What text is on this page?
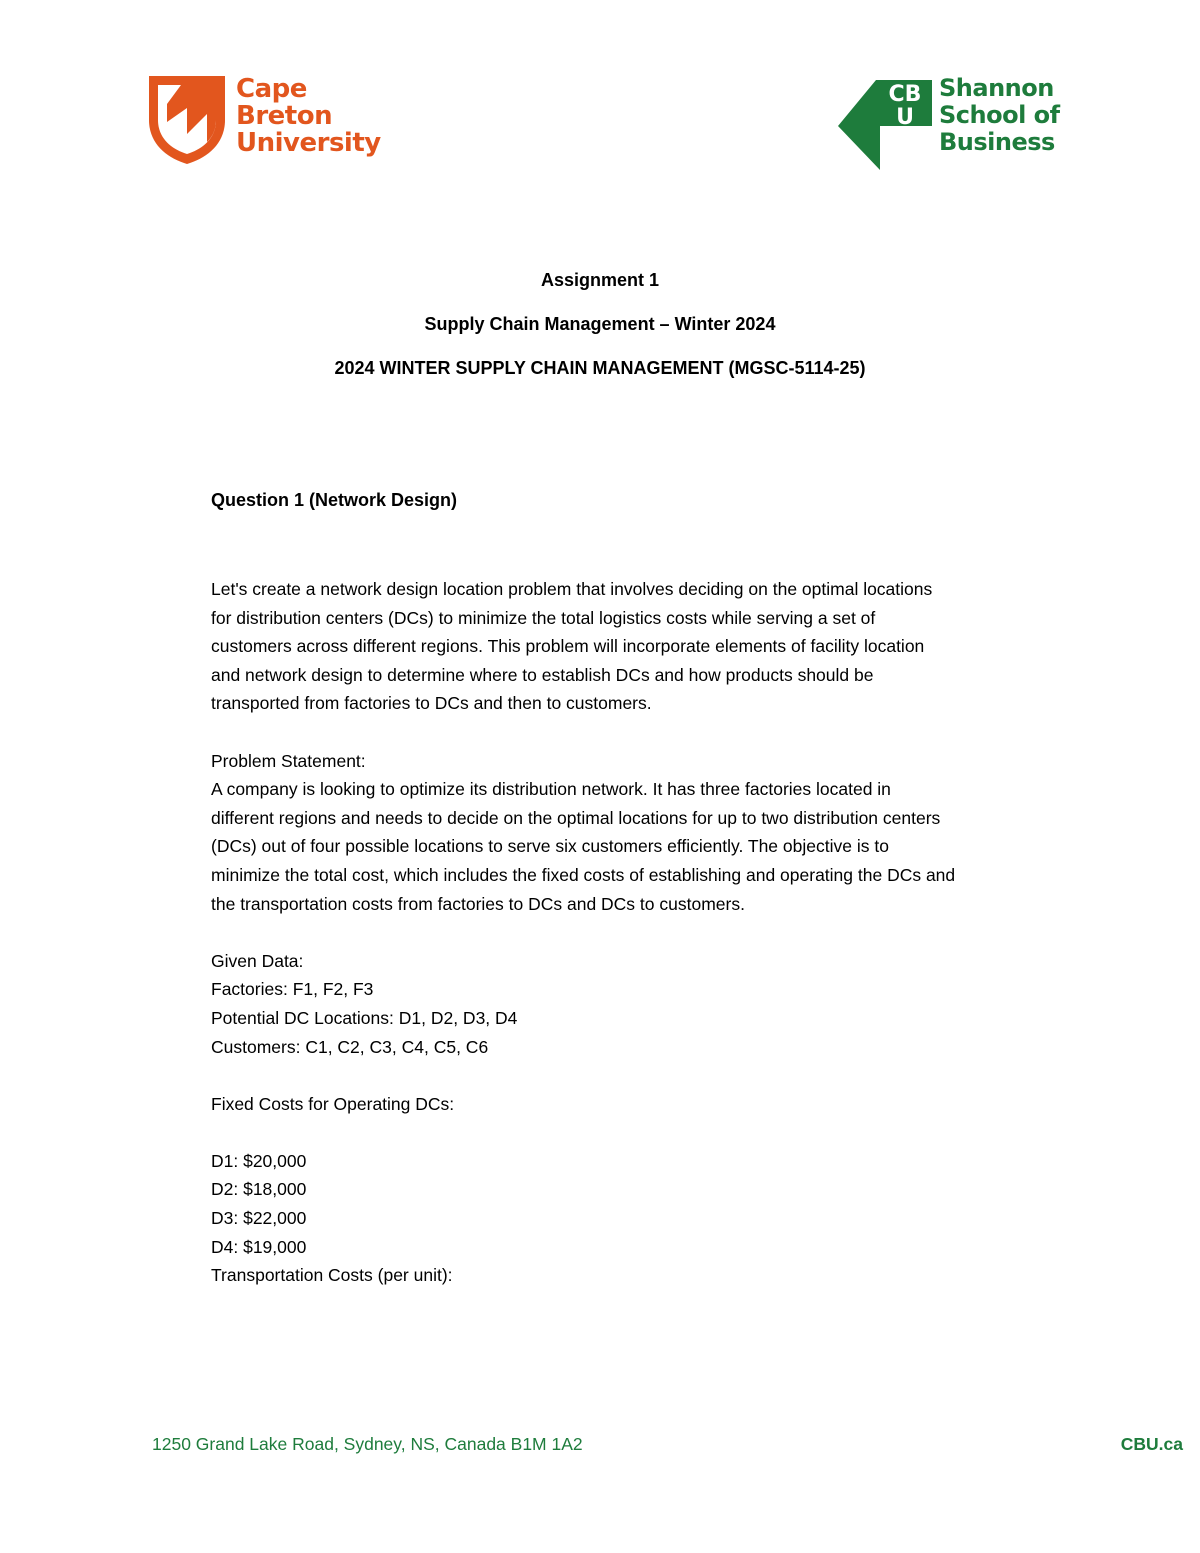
Cape
Breton
University
CB
U
Shannon
School of
Business
Assignment 1
Supply Chain Management – Winter 2024
2024 WINTER SUPPLY CHAIN MANAGEMENT (MGSC-5114-25)
Question 1 (Network Design)
Let's create a network design location problem that involves deciding on the optimal locations
for distribution centers (DCs) to minimize the total logistics costs while serving a set of
customers across different regions. This problem will incorporate elements of facility location
and network design to determine where to establish DCs and how products should be
transported from factories to DCs and then to customers.
Problem Statement:
A company is looking to optimize its distribution network. It has three factories located in
different regions and needs to decide on the optimal locations for up to two distribution centers
(DCs) out of four possible locations to serve six customers efficiently. The objective is to
minimize the total cost, which includes the fixed costs of establishing and operating the DCs and
the transportation costs from factories to DCs and DCs to customers.
Given Data:
Factories: F1, F2, F3
Potential DC Locations: D1, D2, D3, D4
Customers: C1, C2, C3, C4, C5, C6
Fixed Costs for Operating DCs:
D1: $20,000
D2: $18,000
D3: $22,000
D4: $19,000
Transportation Costs (per unit):
1250 Grand Lake Road, Sydney, NS, Canada B1M 1A2	CBU.ca
